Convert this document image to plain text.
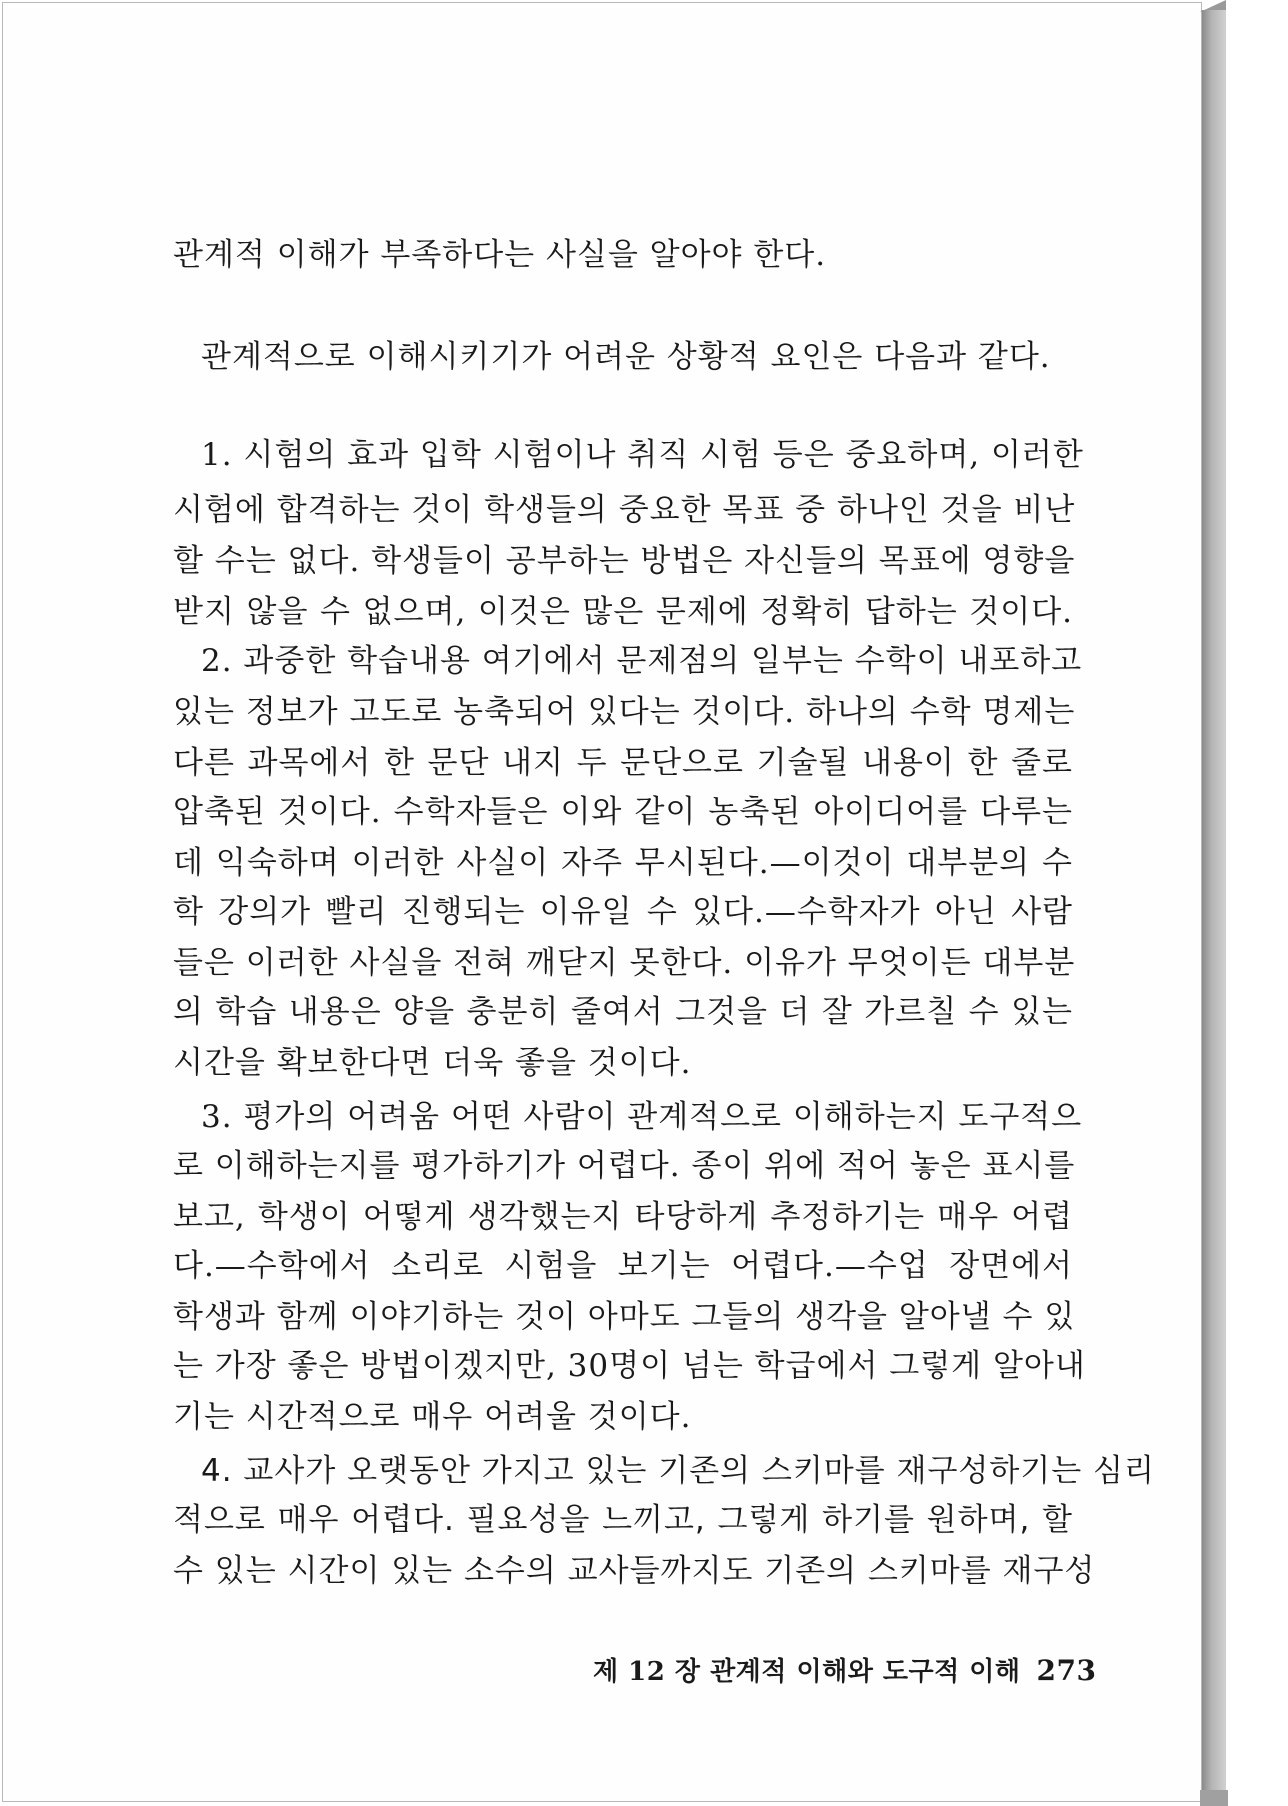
관계적 이해가 부족하다는 사실을 알아야 한다.
관계적으로 이해시키기가 어려운 상황적 요인은 다음과 같다.
1. 시험의 효과 입학 시험이나 취직 시험 등은 중요하며, 이러한
시험에 합격하는 것이 학생들의 중요한 목표 중 하나인 것을 비난
할 수는 없다. 학생들이 공부하는 방법은 자신들의 목표에 영향을
받지 않을 수 없으며, 이것은 많은 문제에 정확히 답하는 것이다.
2. 과중한 학습내용 여기에서 문제점의 일부는 수학이 내포하고
있는 정보가 고도로 농축되어 있다는 것이다. 하나의 수학 명제는
다른 과목에서 한 문단 내지 두 문단으로 기술될 내용이 한 줄로
압축된 것이다. 수학자들은 이와 같이 농축된 아이디어를 다루는
데 익숙하며 이러한 사실이 자주 무시된다.—이것이 대부분의 수
학 강의가 빨리 진행되는 이유일 수 있다.—수학자가 아닌 사람
들은 이러한 사실을 전혀 깨닫지 못한다. 이유가 무엇이든 대부분
의 학습 내용은 양을 충분히 줄여서 그것을 더 잘 가르칠 수 있는
시간을 확보한다면 더욱 좋을 것이다.
3. 평가의 어려움 어떤 사람이 관계적으로 이해하는지 도구적으
로 이해하는지를 평가하기가 어렵다. 종이 위에 적어 놓은 표시를
보고, 학생이 어떻게 생각했는지 타당하게 추정하기는 매우 어렵
다.—수학에서 소리로 시험을 보기는 어렵다.—수업 장면에서
학생과 함께 이야기하는 것이 아마도 그들의 생각을 알아낼 수 있
는 가장 좋은 방법이겠지만, 30명이 넘는 학급에서 그렇게 알아내
기는 시간적으로 매우 어려울 것이다.
4. 교사가 오랫동안 가지고 있는 기존의 스키마를 재구성하기는 심리
적으로 매우 어렵다. 필요성을 느끼고, 그렇게 하기를 원하며, 할
수 있는 시간이 있는 소수의 교사들까지도 기존의 스키마를 재구성
제 12 장 관계적 이해와 도구적 이해 273
